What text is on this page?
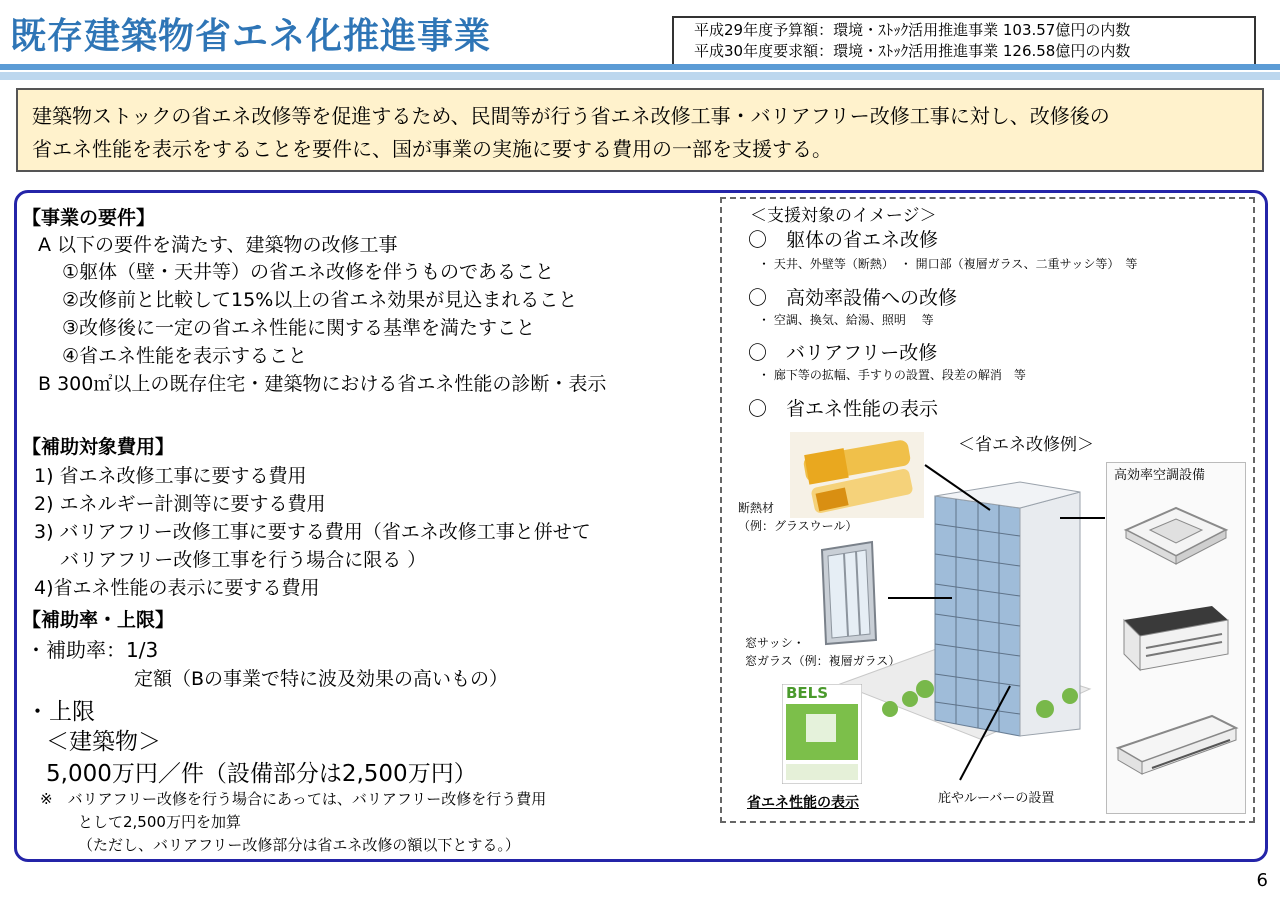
既存建築物省エネ化推進事業	平成29年度予算額：環境・ｽﾄｯｸ活用推進事業 103.57億円の内数
平成30年度要求額：環境・ｽﾄｯｸ活用推進事業 126.58億円の内数
建築物ストックの省エネ改修等を促進するため、民間等が行う省エネ改修工事・バリアフリー改修工事に対し、改修後の
省エネ性能を表示をすることを要件に、国が事業の実施に要する費用の一部を支援する。
【事業の要件】
A 以下の要件を満たす、建築物の改修工事
①躯体（壁・天井等）の省エネ改修を伴うものであること
②改修前と比較して15%以上の省エネ効果が見込まれること
③改修後に一定の省エネ性能に関する基準を満たすこと
④省エネ性能を表示すること
B 300㎡以上の既存住宅・建築物における省エネ性能の診断・表示
【補助対象費用】
1) 省エネ改修工事に要する費用
2) エネルギー計測等に要する費用
3) バリアフリー改修工事に要する費用（省エネ改修工事と併せて
バリアフリー改修工事を行う場合に限る ）
4)省エネ性能の表示に要する費用
【補助率・上限】
・補助率：1/3
定額（Bの事業で特に波及効果の高いもの）
・上限
＜建築物＞
5,000万円／件（設備部分は2,500万円）
※　バリアフリー改修を行う場合にあっては、バリアフリー改修を行う費用
として2,500万円を加算
（ただし、バリアフリー改修部分は省エネ改修の額以下とする。）
＜支援対象のイメージ＞
〇　躯体の省エネ改修
・ 天井、外壁等（断熱）　・ 開口部（複層ガラス、二重サッシ等）　等
〇　高効率設備への改修
・ 空調、換気、給湯、照明　 等
〇　バリアフリー改修
・ 廊下等の拡幅、手すりの設置、段差の解消　等
〇　省エネ性能の表示
＜省エネ改修例＞
断熱材
（例：グラスウール）
窓サッシ・
窓ガラス（例：複層ガラス）
高効率空調設備
BELS
省エネ性能の表示	庇やルーバーの設置
6
